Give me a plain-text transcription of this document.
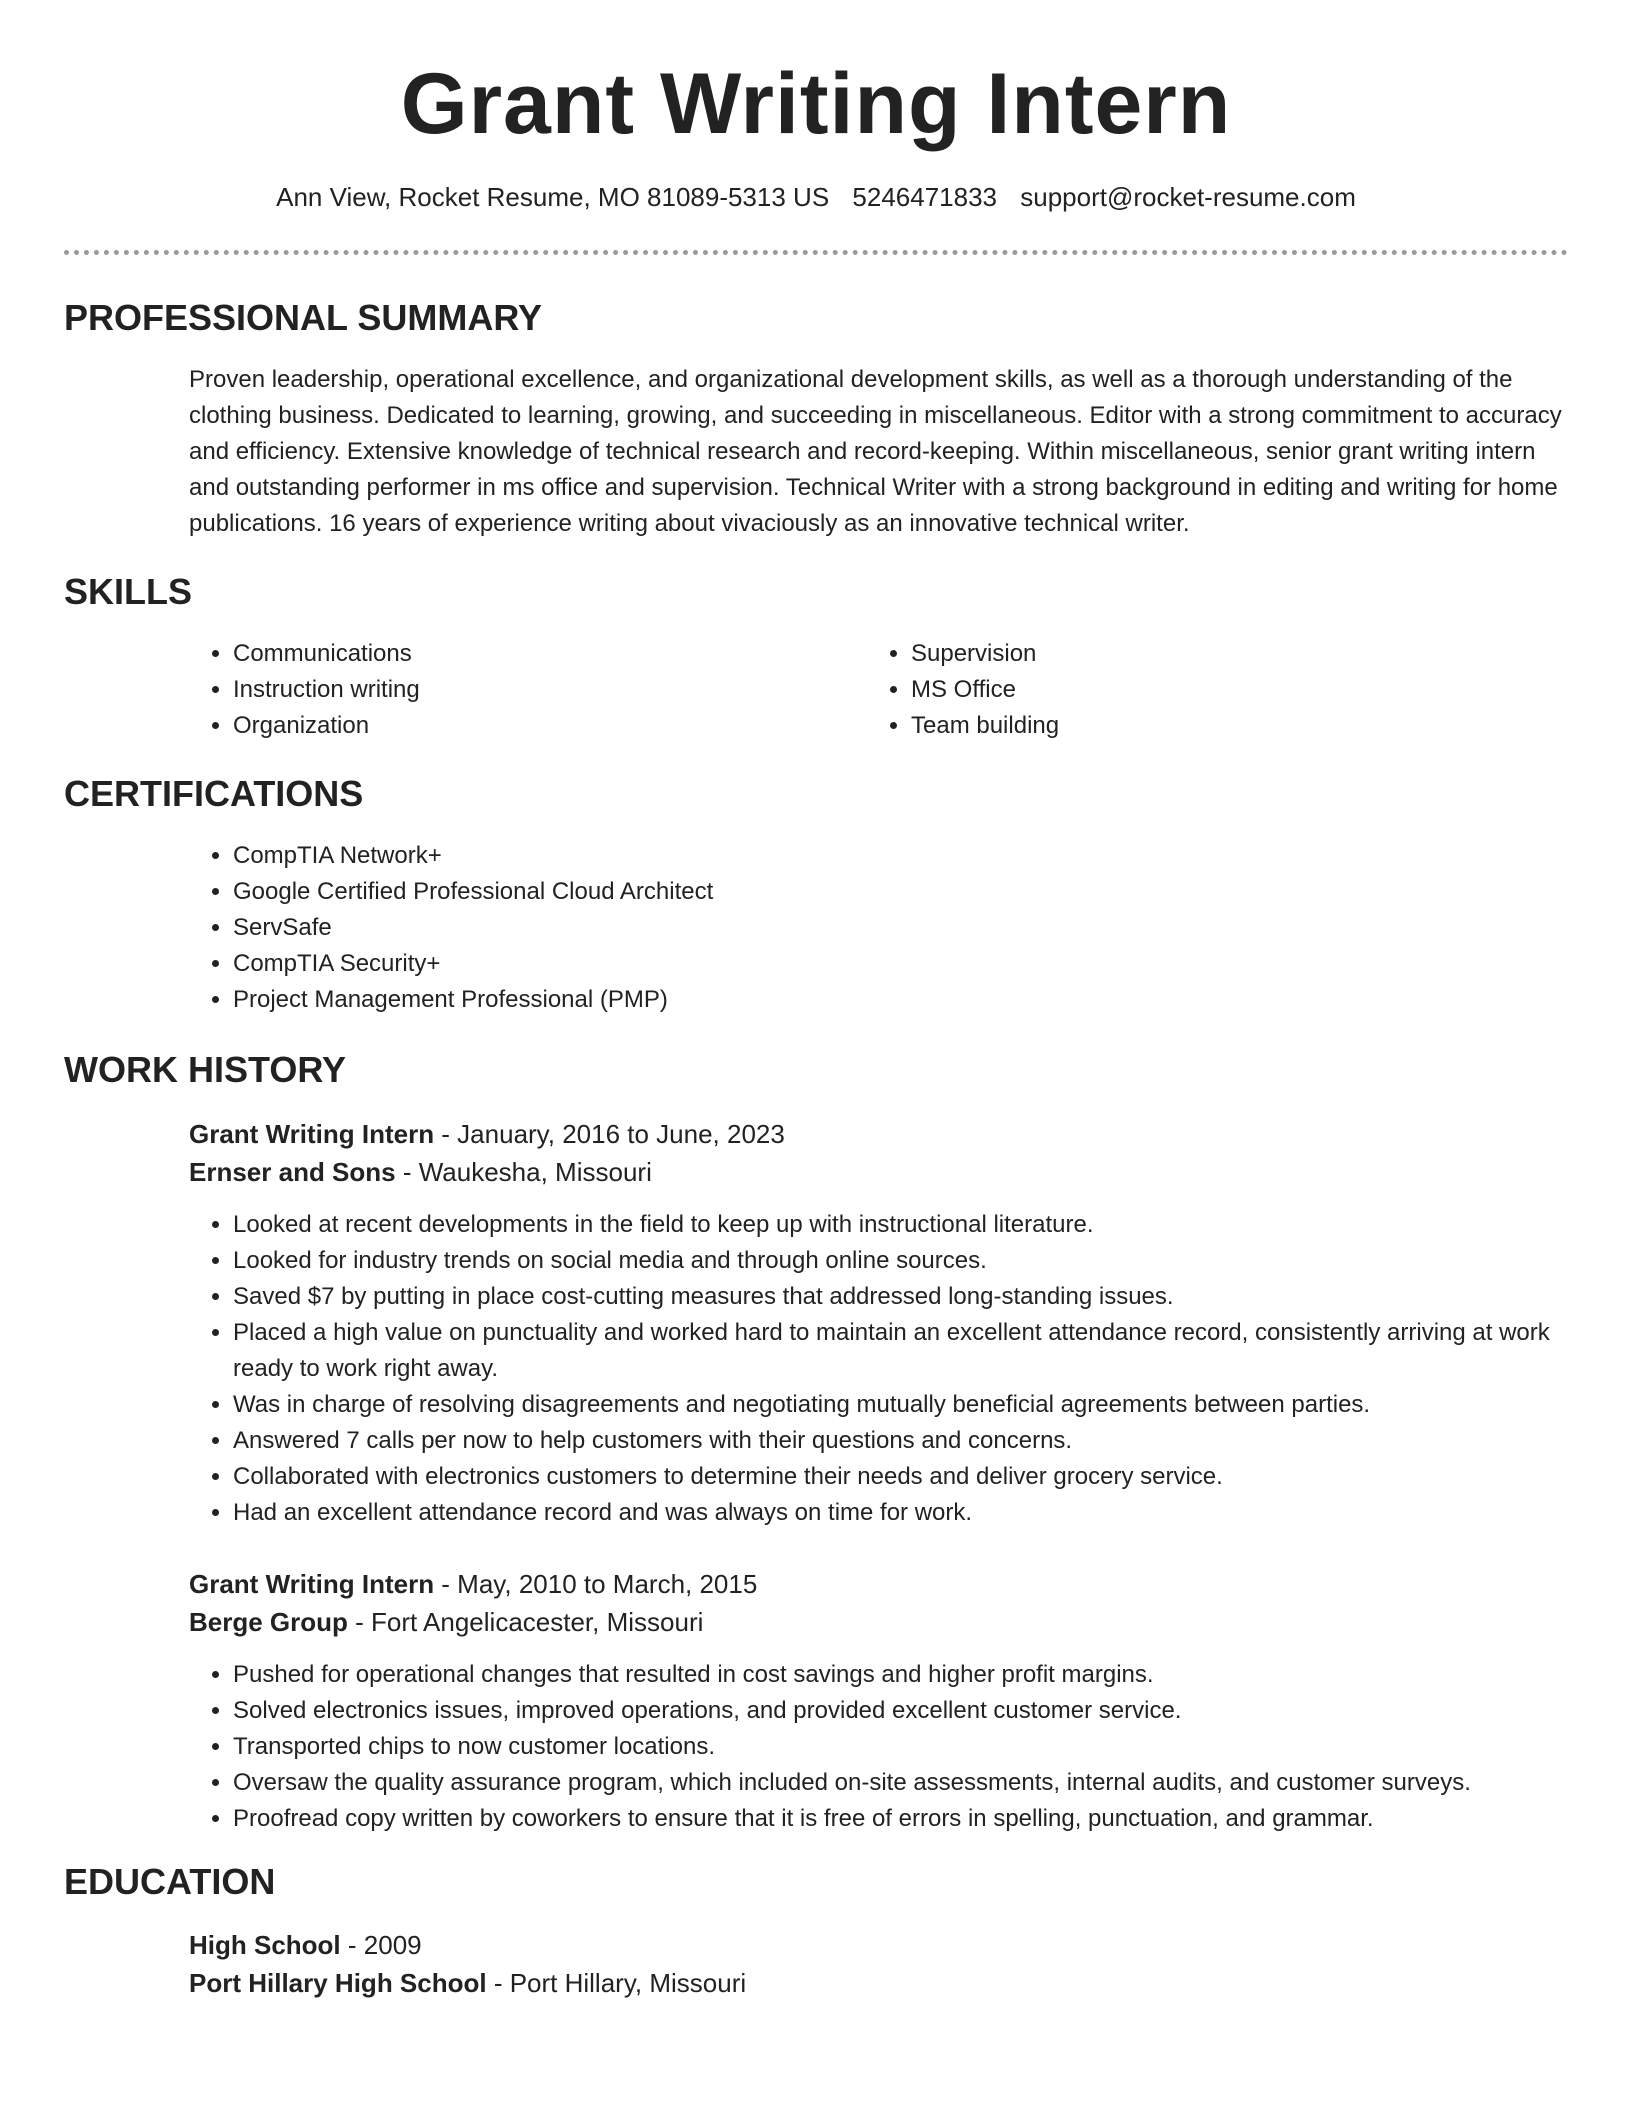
Grant Writing Intern
Ann View, Rocket Resume, MO 81089-5313 US 5246471833 support@rocket-resume.com
PROFESSIONAL SUMMARY

Proven leadership, operational excellence, and organizational development skills, as well as a thorough understanding of the clothing business. Dedicated to learning, growing, and succeeding in miscellaneous. Editor with a strong commitment to accuracy and efficiency. Extensive knowledge of technical research and record-keeping. Within miscellaneous, senior grant writing intern and outstanding performer in ms office and supervision. Technical Writer with a strong background in editing and writing for home publications. 16 years of experience writing about vivaciously as an innovative technical writer.

SKILLS
• Communications
• Instruction writing
• Organization
• Supervision
• MS Office
• Team building
CERTIFICATIONS
• CompTIA Network+
• Google Certified Professional Cloud Architect
• ServSafe
• CompTIA Security+
• Project Management Professional (PMP)
WORK HISTORY

Grant Writing Intern - January, 2016 to June, 2023

Ernser and Sons - Waukesha, Missouri

• Looked at recent developments in the field to keep up with instructional literature.
• Looked for industry trends on social media and through online sources.
• Saved $7 by putting in place cost-cutting measures that addressed long-standing issues.
• Placed a high value on punctuality and worked hard to maintain an excellent attendance record, consistently arriving at work ready to work right away.
• Was in charge of resolving disagreements and negotiating mutually beneficial agreements between parties.
• Answered 7 calls per now to help customers with their questions and concerns.
• Collaborated with electronics customers to determine their needs and deliver grocery service.
• Had an excellent attendance record and was always on time for work.

Grant Writing Intern - May, 2010 to March, 2015

Berge Group - Fort Angelicacester, Missouri

• Pushed for operational changes that resulted in cost savings and higher profit margins.
• Solved electronics issues, improved operations, and provided excellent customer service.
• Transported chips to now customer locations.
• Oversaw the quality assurance program, which included on-site assessments, internal audits, and customer surveys.
• Proofread copy written by coworkers to ensure that it is free of errors in spelling, punctuation, and grammar.
EDUCATION

High School - 2009

Port Hillary High School - Port Hillary, Missouri
